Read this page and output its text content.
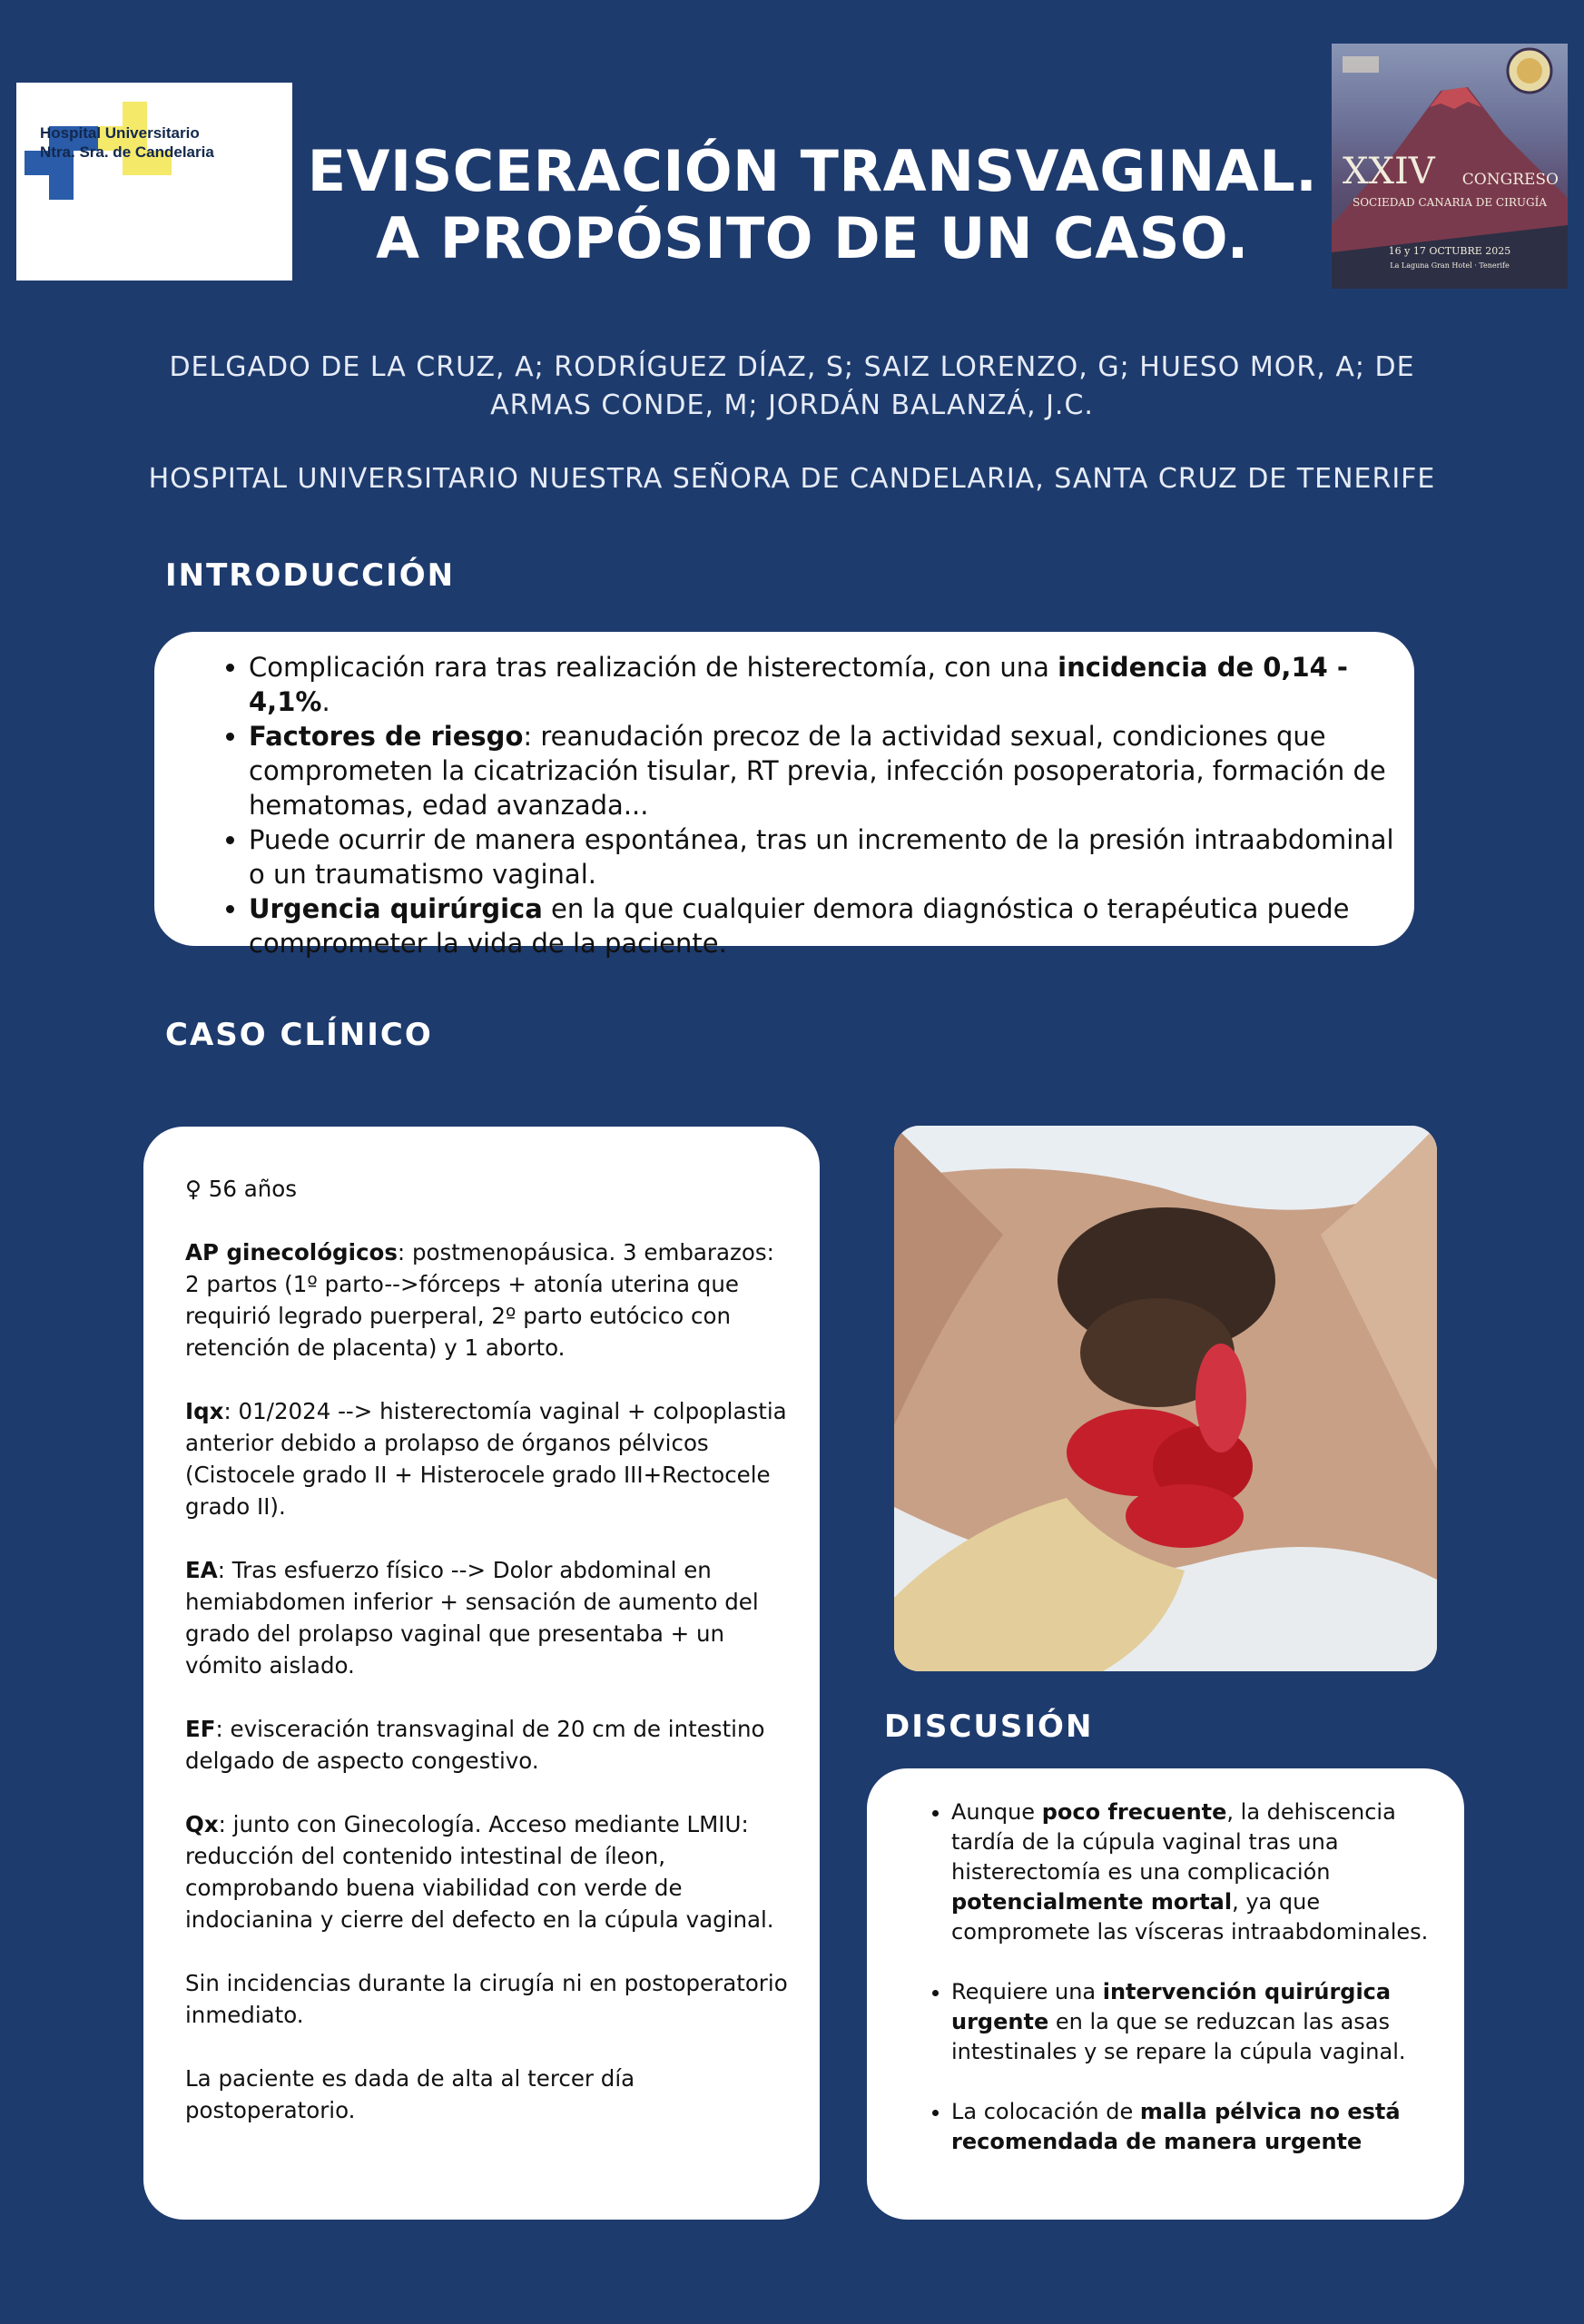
Hospital Universitario
Ntra. Sra. de Candelaria	XXIV	CONGRESO
SOCIEDAD CANARIA DE CIRUGÍA
16 y 17 OCTUBRE 2025
La Laguna Gran Hotel · Tenerife
EVISCERACIÓN TRANSVAGINAL.
A PROPÓSITO DE UN CASO.
DELGADO DE LA CRUZ, A; RODRÍGUEZ DÍAZ, S; SAIZ LORENZO, G; HUESO MOR, A; DE
ARMAS CONDE, M; JORDÁN BALANZÁ, J.C.
HOSPITAL UNIVERSITARIO NUESTRA SEÑORA DE CANDELARIA, SANTA CRUZ DE TENERIFE
INTRODUCCIÓN
• Complicación rara tras realización de histerectomía, con una incidencia de 0,14 - 4,1%.
• Factores de riesgo: reanudación precoz de la actividad sexual, condiciones que comprometen la cicatrización tisular, RT previa, infección posoperatoria, formación de hematomas, edad avanzada...
• Puede ocurrir de manera espontánea, tras un incremento de la presión intraabdominal o un traumatismo vaginal.
• Urgencia quirúrgica en la que cualquier demora diagnóstica o terapéutica puede comprometer la vida de la paciente.
CASO CLÍNICO

♀ 56 años

AP ginecológicos: postmenopáusica. 3 embarazos: 2 partos (1º parto-->fórceps + atonía uterina que requirió legrado puerperal, 2º parto eutócico con retención de placenta) y 1 aborto.

Iqx: 01/2024 --> histerectomía vaginal + colpoplastia anterior debido a prolapso de órganos pélvicos (Cistocele grado II + Histerocele grado III+Rectocele grado II).

EA: Tras esfuerzo físico --> Dolor abdominal en hemiabdomen inferior + sensación de aumento del grado del prolapso vaginal que presentaba + un vómito aislado.

EF: evisceración transvaginal de 20 cm de intestino delgado de aspecto congestivo.

Qx: junto con Ginecología. Acceso mediante LMIU: reducción del contenido intestinal de íleon, comprobando buena viabilidad con verde de indocianina y cierre del defecto en la cúpula vaginal.

Sin incidencias durante la cirugía ni en postoperatorio inmediato.

La paciente es dada de alta al tercer día postoperatorio.

DISCUSIÓN
• Aunque poco frecuente, la dehiscencia tardía de la cúpula vaginal tras una histerectomía es una complicación potencialmente mortal, ya que compromete las vísceras intraabdominales.
• Requiere una intervención quirúrgica urgente en la que se reduzcan las asas intestinales y se repare la cúpula vaginal.
• La colocación de malla pélvica no está recomendada de manera urgente
